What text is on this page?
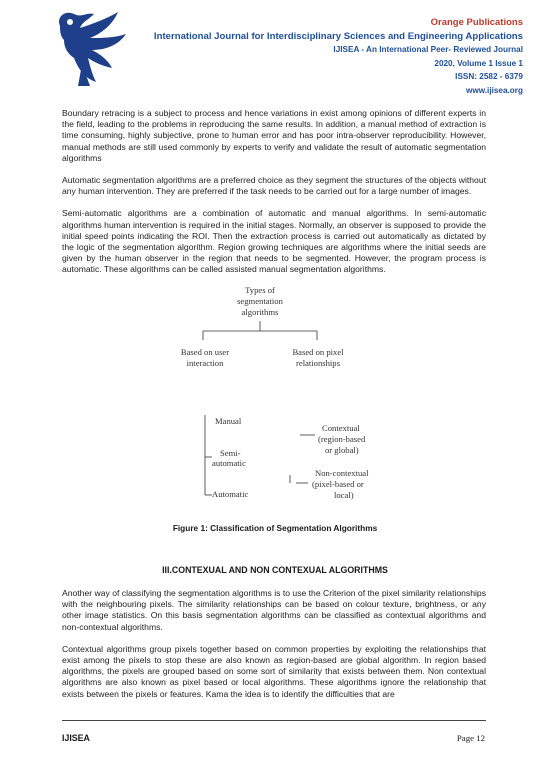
Orange Publications
International Journal for Interdisciplinary Sciences and Engineering Applications
IJISEA - An International Peer- Reviewed Journal
2020, Volume 1 Issue 1
ISSN: 2582 - 6379
www.ijisea.org

Boundary retracing is a subject to process and hence variations in exist among opinions of different experts in the field, leading to the problems in reproducing the same results. In addition, a manual method of extraction is time consuming, highly subjective, prone to human error and has poor intra-observer reproducibility. However, manual methods are still used commonly by experts to verify and validate the result of automatic segmentation algorithms

Automatic segmentation algorithms are a preferred choice as they segment the structures of the objects without any human intervention. They are preferred if the task needs to be carried out for a large number of images.

Semi-automatic algorithms are a combination of automatic and manual algorithms. In semi-automatic algorithms human intervention is required in the initial stages. Normally, an observer is supposed to provide the initial speed points indicating the ROI. Then the extraction process is carried out automatically as dictated by the logic of the segmentation algorithm. Region growing techniques are algorithms where the initial seeds are given by the human observer in the region that needs to be segmented. However, the program process is automatic. These algorithms can be called assisted manual segmentation algorithms.

Types of
segmentation
algorithms
Based on user
interaction
Based on pixel
relationships
Manual
Semi-
automatic
Automatic
Contextual
(region-based
or global)
Non-contextual
(pixel-based or
local)
Figure 1: Classification of Segmentation Algorithms
III.CONTEXUAL AND NON CONTEXUAL ALGORITHMS

Another way of classifying the segmentation algorithms is to use the Criterion of the pixel similarity relationships with the neighbouring pixels. The similarity relationships can be based on colour texture, brightness, or any other image statistics. On this basis segmentation algorithms can be classified as contextual algorithms and non-contextual algorithms.

Contextual algorithms group pixels together based on common properties by exploiting the relationships that exist among the pixels to stop these are also known as region-based are global algorithm. In region based algorithms, the pixels are grouped based on some sort of similarity that exists between them. Non contextual algorithms are also known as pixel based or local algorithms. These algorithms ignore the relationship that exists between the pixels or features. Kama the idea is to identify the difficulties that are

IJISEA	Page 12
